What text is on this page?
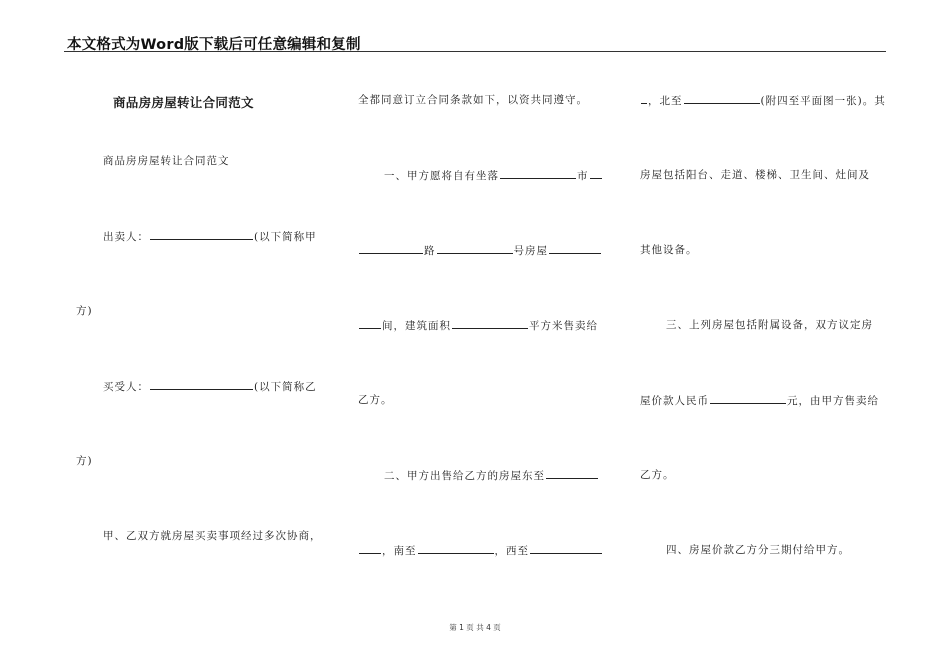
本文格式为Word版下载后可任意编辑和复制
商品房房屋转让合同范文
商品房房屋转让合同范文
出卖人：	(以下简称甲
方)
买受人：	(以下简称乙
方)
甲、乙双方就房屋买卖事项经过多次协商，
全都同意订立合同条款如下，以资共同遵守。
一、甲方愿将自有坐落	市
路	号房屋
间，建筑面积	平方米售卖给
乙方。
二、甲方出售给乙方的房屋东至
，南至	，西至
，北至	(附四至平面图一张)。其
房屋包括阳台、走道、楼梯、卫生间、灶间及
其他设备。
三、上列房屋包括附属设备，双方议定房
屋价款人民币	元，由甲方售卖给
乙方。
四、房屋价款乙方分三期付给甲方。
第 1 页 共 4 页
